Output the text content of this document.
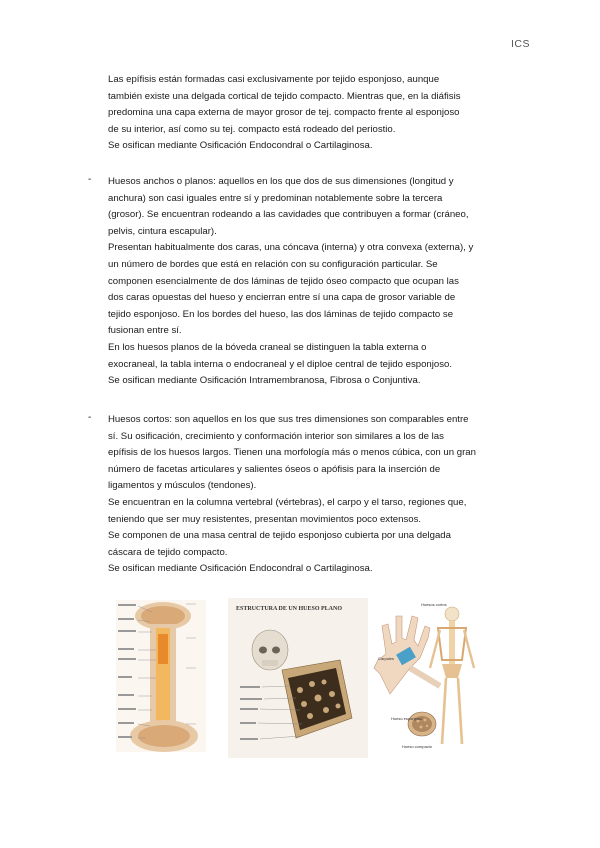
ICS
Las epífisis están formadas casi exclusivamente por tejido esponjoso, aunque
también existe una delgada cortical de tejido compacto. Mientras que, en la diáfisis
predomina una capa externa de mayor grosor de tej. compacto frente al esponjoso
de su interior, así como su tej. compacto está rodeado del periostio.
Se osifican mediante Osificación Endocondral o Cartilaginosa.
- Huesos anchos o planos: aquellos en los que dos de sus dimensiones (longitud y
anchura) son casi iguales entre sí y predominan notablemente sobre la tercera
(grosor). Se encuentran rodeando a las cavidades que contribuyen a formar (cráneo,
pelvis, cintura escapular).
Presentan habitualmente dos caras, una cóncava (interna) y otra convexa (externa), y
un número de bordes que está en relación con su configuración particular. Se
componen esencialmente de dos láminas de tejido óseo compacto que ocupan las
dos caras opuestas del hueso y encierran entre sí una capa de grosor variable de
tejido esponjoso. En los bordes del hueso, las dos láminas de tejido compacto se
fusionan entre sí.
En los huesos planos de la bóveda craneal se distinguen la tabla externa o
exocraneal, la tabla interna o endocraneal y el diploe central de tejido esponjoso.
Se osifican mediante Osificación Intramembranosa, Fibrosa o Conjuntiva.
- Huesos cortos: son aquellos en los que sus tres dimensiones son comparables entre
sí. Su osificación, crecimiento y conformación interior son similares a los de las
epífisis de los huesos largos. Tienen una morfología más o menos cúbica, con un gran
número de facetas articulares y salientes óseos o apófisis para la inserción de
ligamentos y músculos (tendones).
Se encuentran en la columna vertebral (vértebras), el carpo y el tarso, regiones que,
teniendo que ser muy resistentes, presentan movimientos poco extensos.
Se componen de una masa central de tejido esponjoso cubierta por una delgada
cáscara de tejido compacto.
Se osifican mediante Osificación Endocondral o Cartilaginosa.
ESTRUCTURA DE UN HUESO PLANO
Huesos cortos
Carpales
Hueso esponjoso
Hueso compacto
